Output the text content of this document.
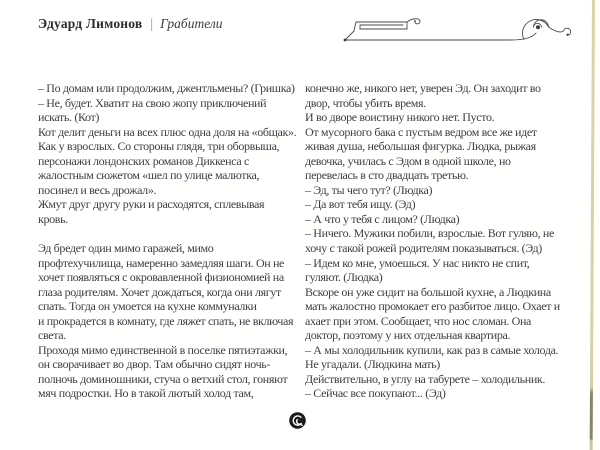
Эдуард Лимонов | Грабители
– По домам или продолжим, джентльмены? (Гришка)
– Не, будет. Хватит на свою жопу приключений
искать. (Кот)
Кот делит деньги на всех плюс одна доля на «общак».
Как у взрослых. Со стороны глядя, три оборвыша,
персонажи лондонских романов Диккенса с
жалостным сюжетом «шел по улице малютка,
посинел и весь дрожал».
Жмут друг другу руки и расходятся, сплевывая
кровь.
Эд бредет один мимо гаражей, мимо
профтехучилища, намеренно замедляя шаги. Он не
хочет появляться с окровавленной физиономией на
глаза родителям. Хочет дождаться, когда они лягут
спать. Тогда он умоется на кухне коммуналки
и прокрадется в комнату, где ляжет спать, не включая
света.
Проходя мимо единственной в поселке пятиэтажки,
он сворачивает во двор. Там обычно сидят ночь-
полночь доминошники, стуча о ветхий стол, гоняют
мяч подростки. Но в такой лютый холод там,
конечно же, никого нет, уверен Эд. Он заходит во
двор, чтобы убить время.
И во дворе воистину никого нет. Пусто.
От мусорного бака с пустым ведром все же идет
живая душа, небольшая фигурка. Людка, рыжая
девочка, училась с Эдом в одной школе, но
перевелась в сто двадцать третью.
– Эд, ты чего тут? (Людка)
– Да вот тебя ищу. (Эд)
– А что у тебя с лицом? (Людка)
– Ничего. Мужики побили, взрослые. Вот гуляю, не
хочу с такой рожей родителям показываться. (Эд)
– Идем ко мне, умоешься. У нас никто не спит,
гуляют. (Людка)
Вскоре он уже сидит на большой кухне, а Людкина
мать жалостно промокает его разбитое лицо. Охает и
ахает при этом. Сообщает, что нос сломан. Она
доктор, поэтому у них отдельная квартира.
– А мы холодильник купили, как раз в самые холода.
Не угадали. (Людкина мать)
Действительно, в углу на табурете – холодильник.
– Сейчас все покупают... (Эд)
